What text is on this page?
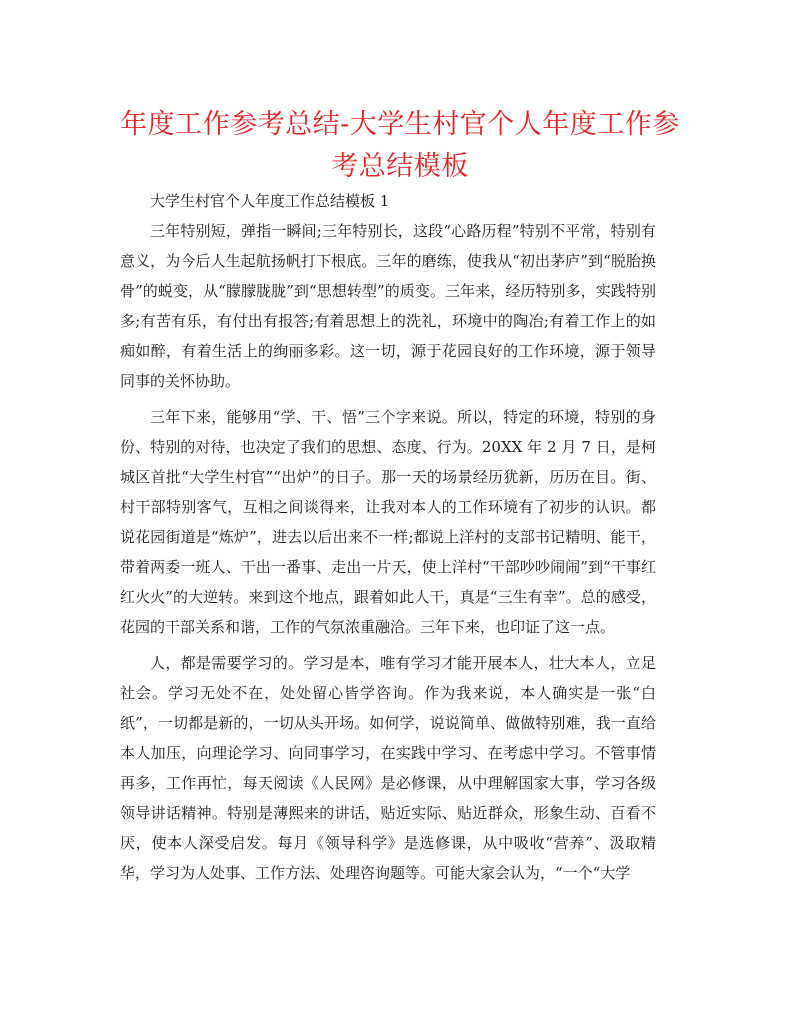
年度工作参考总结-大学生村官个人年度工作参考总结模板

大学生村官个人年度工作总结模板 1

三年特别短，弹指一瞬间;三年特别长，这段“心路历程”特别不平常，特别有意义，为今后人生起航扬帆打下根底。三年的磨练，使我从“初出茅庐”到“脱胎换骨”的蜕变，从“朦朦胧胧”到“思想转型”的质变。三年来，经历特别多，实践特别多;有苦有乐，有付出有报答;有着思想上的洗礼，环境中的陶冶;有着工作上的如痴如醉，有着生活上的绚丽多彩。这一切，源于花园良好的工作环境，源于领导同事的关怀协助。

三年下来，能够用“学、干、悟”三个字来说。所以，特定的环境，特别的身份、特别的对待，也决定了我们的思想、态度、行为。20XX 年 2 月 7 日，是柯城区首批“大学生村官”“出炉”的日子。那一天的场景经历犹新，历历在目。街、村干部特别客气，互相之间谈得来，让我对本人的工作环境有了初步的认识。都说花园街道是“炼炉”，进去以后出来不一样;都说上洋村的支部书记精明、能干，带着两委一班人、干出一番事、走出一片天，使上洋村“干部吵吵闹闹”到“干事红红火火”的大逆转。来到这个地点，跟着如此人干，真是“三生有幸”。总的感受，花园的干部关系和谐，工作的气氛浓重融洽。三年下来，也印证了这一点。

人，都是需要学习的。学习是本，唯有学习才能开展本人，壮大本人，立足社会。学习无处不在，处处留心皆学咨询。作为我来说，本人确实是一张“白纸”，一切都是新的，一切从头开场。如何学，说说简单、做做特别难，我一直给本人加压，向理论学习、向同事学习，在实践中学习、在考虑中学习。不管事情再多，工作再忙，每天阅读《人民网》是必修课，从中理解国家大事，学习各级领导讲话精神。特别是薄熙来的讲话，贴近实际、贴近群众，形象生动、百看不厌，使本人深受启发。每月《领导科学》是选修课，从中吸收“营养”、汲取精华，学习为人处事、工作方法、处理咨询题等。可能大家会认为，“一个“大学
